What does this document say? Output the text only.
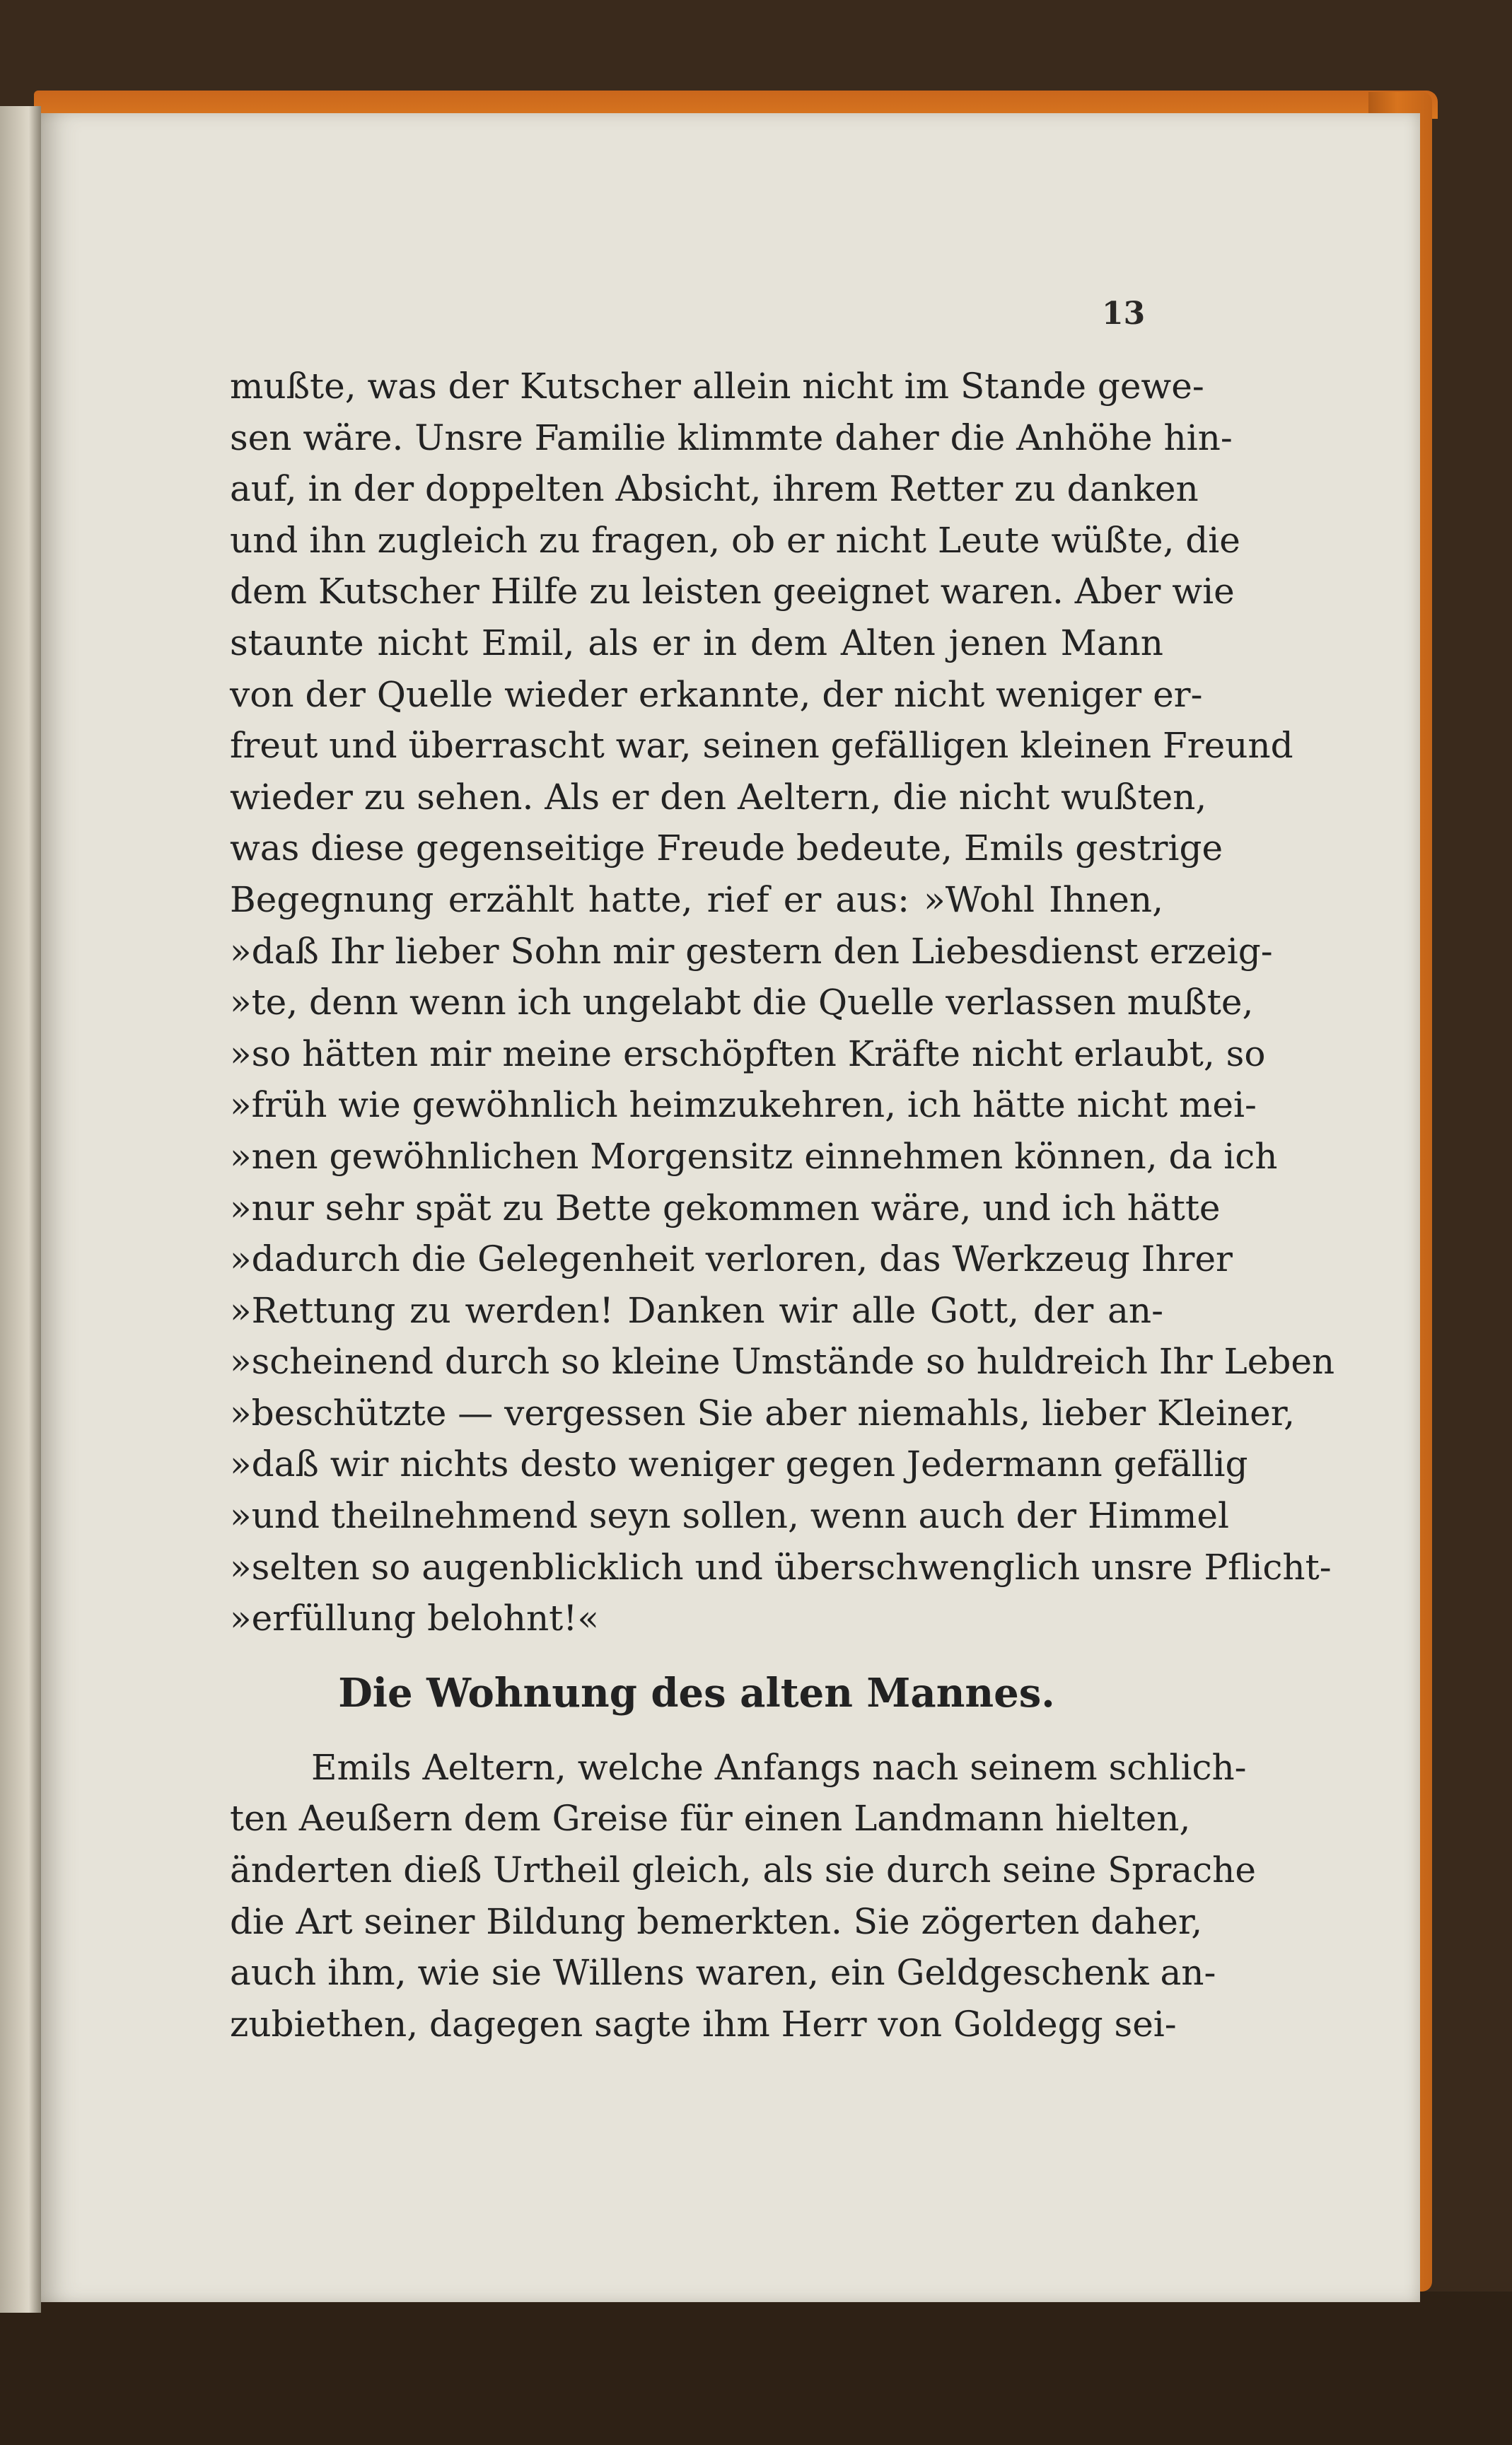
13
mußte, was der Kutscher allein nicht im Stande gewe-
sen wäre. Unsre Familie klimmte daher die Anhöhe hin-
auf, in der doppelten Absicht, ihrem Retter zu danken
und ihn zugleich zu fragen, ob er nicht Leute wüßte, die
dem Kutscher Hilfe zu leisten geeignet waren. Aber wie
staunte nicht Emil, als er in dem Alten jenen Mann
von der Quelle wieder erkannte, der nicht weniger er-
freut und überrascht war, seinen gefälligen kleinen Freund
wieder zu sehen. Als er den Aeltern, die nicht wußten,
was diese gegenseitige Freude bedeute, Emils gestrige
Begegnung erzählt hatte, rief er aus: »Wohl Ihnen,
»daß Ihr lieber Sohn mir gestern den Liebesdienst erzeig-
»te, denn wenn ich ungelabt die Quelle verlassen mußte,
»so hätten mir meine erschöpften Kräfte nicht erlaubt, so
»früh wie gewöhnlich heimzukehren, ich hätte nicht mei-
»nen gewöhnlichen Morgensitz einnehmen können, da ich
»nur sehr spät zu Bette gekommen wäre, und ich hätte
»dadurch die Gelegenheit verloren, das Werkzeug Ihrer
»Rettung zu werden! Danken wir alle Gott, der an-
»scheinend durch so kleine Umstände so huldreich Ihr Leben
»beschützte — vergessen Sie aber niemahls, lieber Kleiner,
»daß wir nichts desto weniger gegen Jedermann gefällig
»und theilnehmend seyn sollen, wenn auch der Himmel
»selten so augenblicklich und überschwenglich unsre Pflicht-
»erfüllung belohnt!«
Die Wohnung des alten Mannes.
Emils Aeltern, welche Anfangs nach seinem schlich-
ten Aeußern dem Greise für einen Landmann hielten,
änderten dieß Urtheil gleich, als sie durch seine Sprache
die Art seiner Bildung bemerkten. Sie zögerten daher,
auch ihm, wie sie Willens waren, ein Geldgeschenk an-
zubiethen, dagegen sagte ihm Herr von Goldegg sei-
